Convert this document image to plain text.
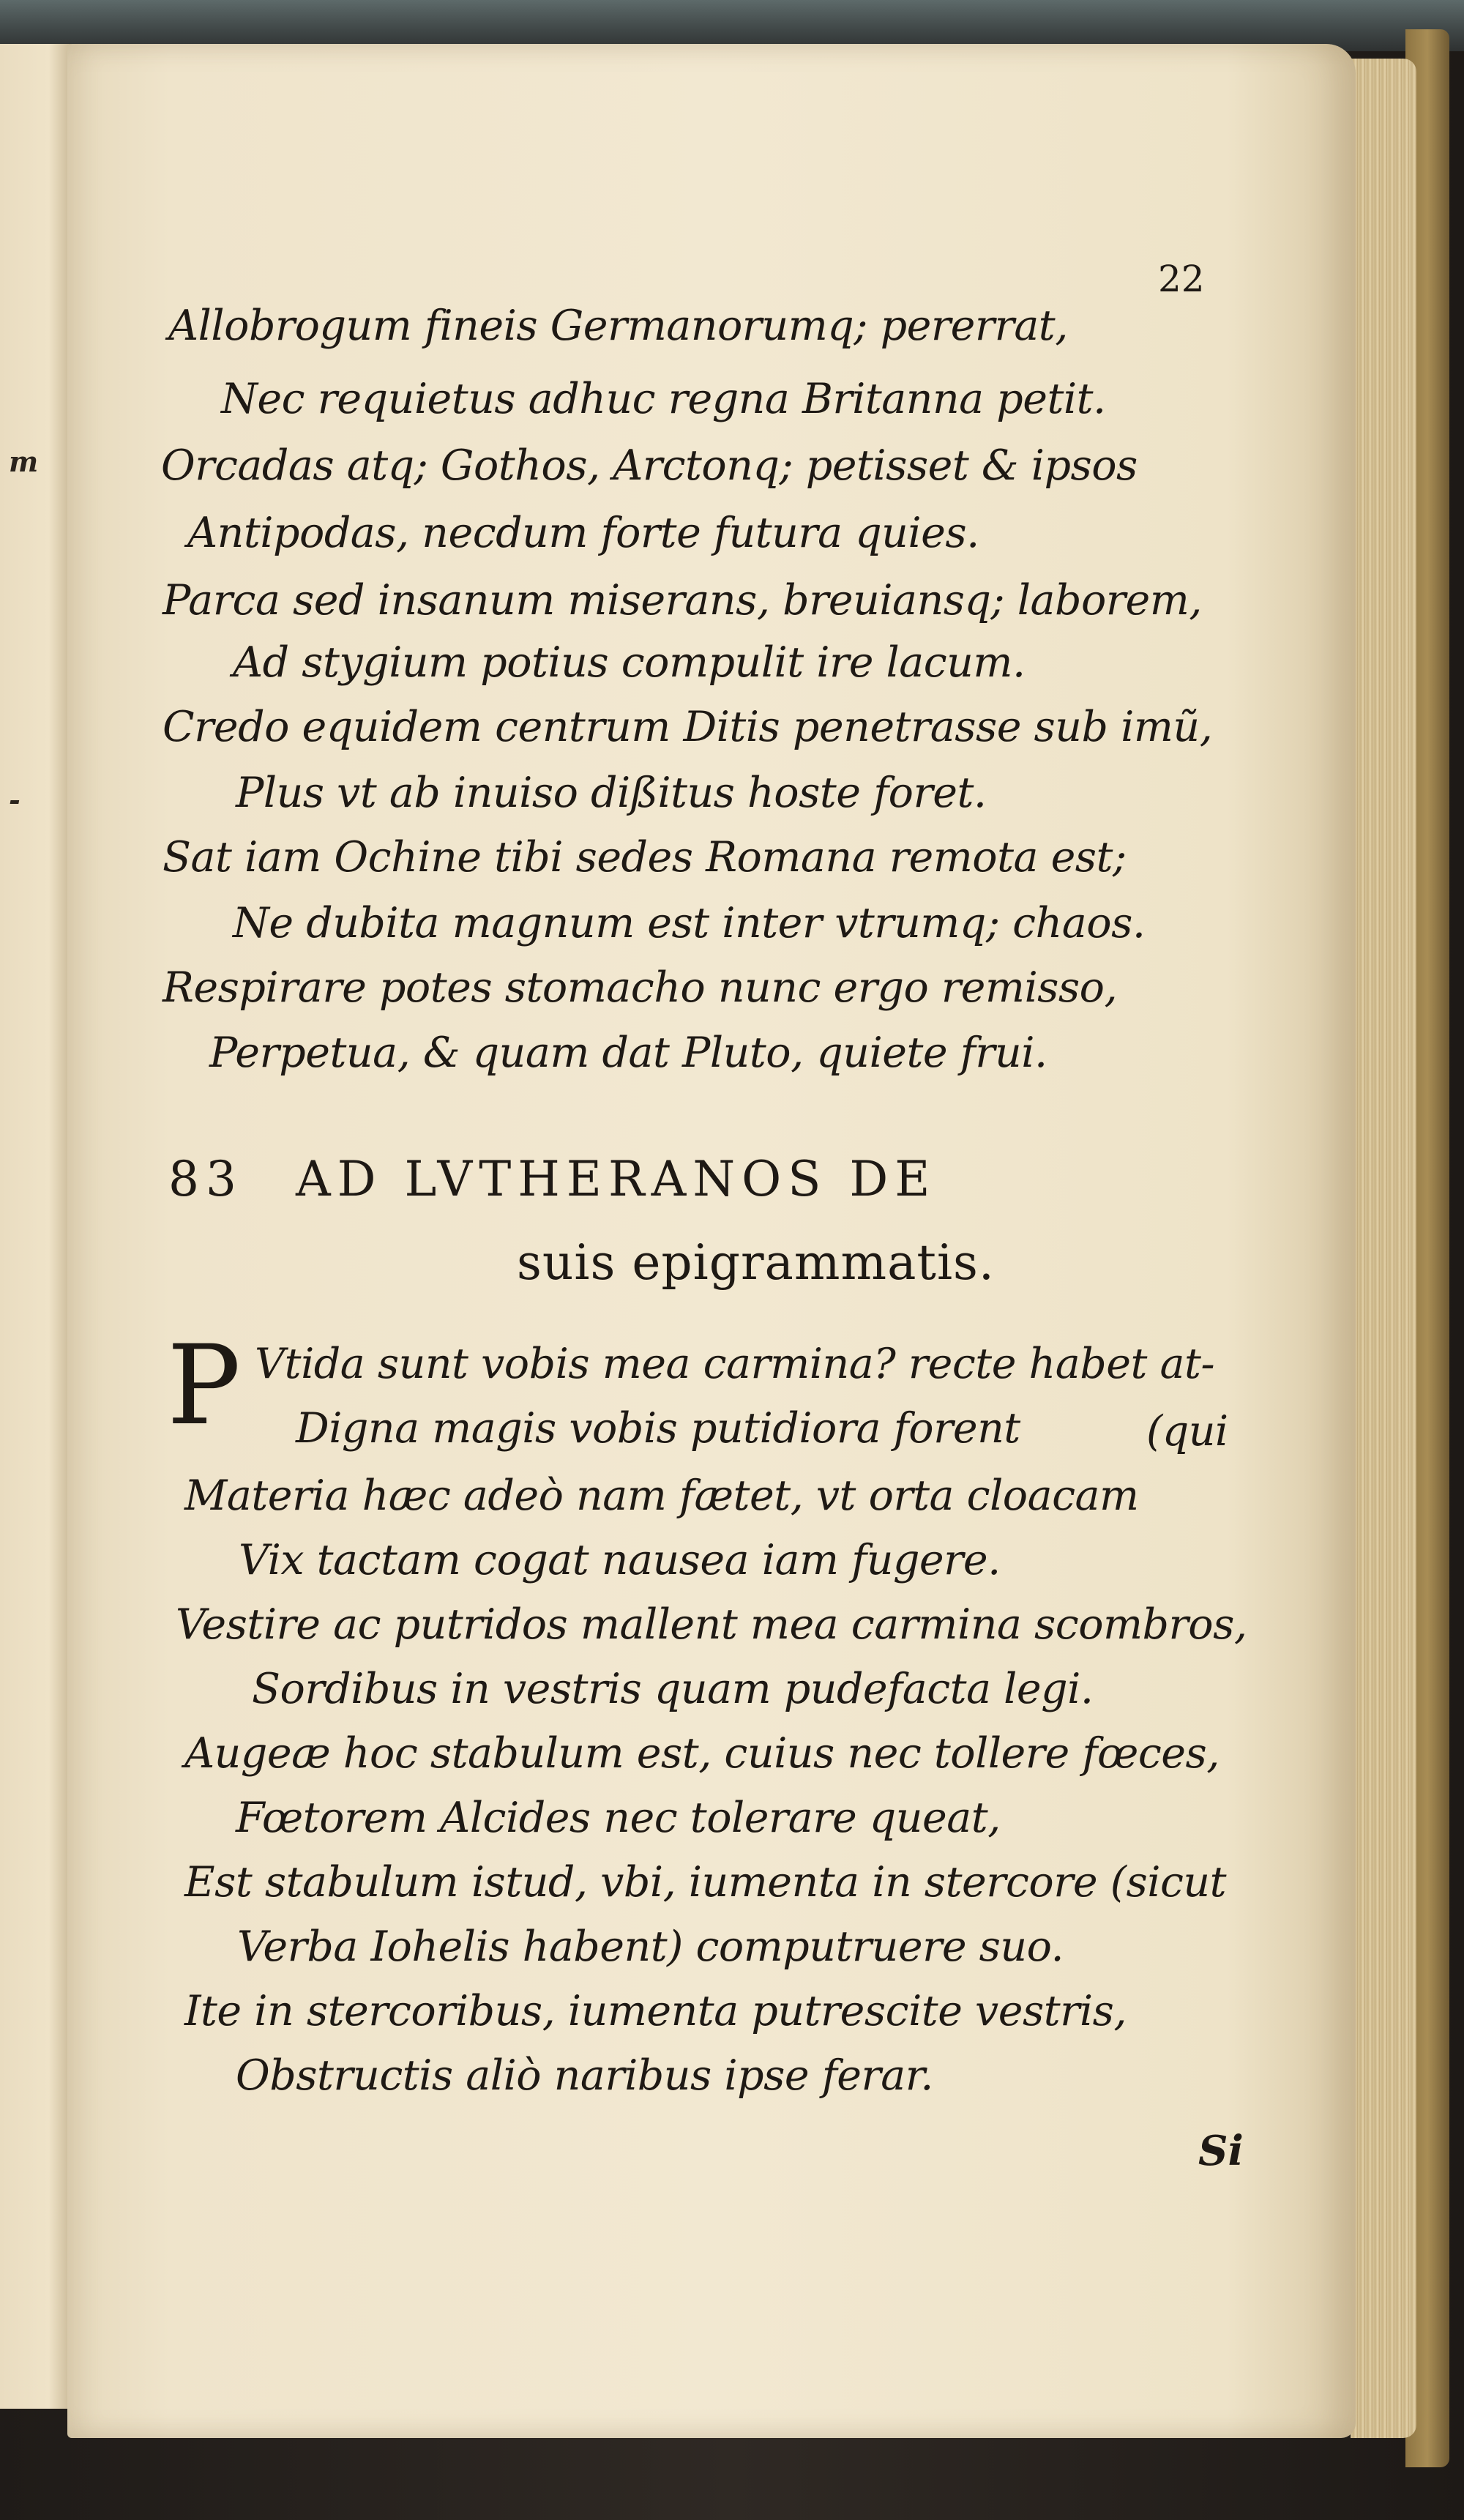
m
-
22
Allobrogum fineis Germanorumq; pererrat,
Nec requietus adhuc regna Britanna petit.
Orcadas atq; Gothos, Arctonq; petisset & ipsos
Antipodas, necdum forte futura quies.
Parca sed insanum miserans, breuiansq; laborem,
Ad stygium potius compulit ire lacum.
Credo equidem centrum Ditis penetrasse sub imũ,
Plus vt ab inuiso dißitus hoste foret.
Sat iam Ochine tibi sedes Romana remota est;
Ne dubita magnum est inter vtrumq; chaos.
Respirare potes stomacho nunc ergo remisso,
Perpetua, & quam dat Pluto, quiete frui.
83 AD LVTHERANOS DE
suis epigrammatis.
P Vtida sunt vobis mea carmina? recte habet at-
Digna magis vobis putidiora forent	(qui
Materia hæc adeò nam fætet, vt orta cloacam
Vix tactam cogat nausea iam fugere.
Vestire ac putridos mallent mea carmina scombros,
Sordibus in vestris quam pudefacta legi.
Augeæ hoc stabulum est, cuius nec tollere fœces,
Fœtorem Alcides nec tolerare queat,
Est stabulum istud, vbi, iumenta in stercore (sicut
Verba Iohelis habent) computruere suo.
Ite in stercoribus, iumenta putrescite vestris,
Obstructis aliò naribus ipse ferar.
Si
